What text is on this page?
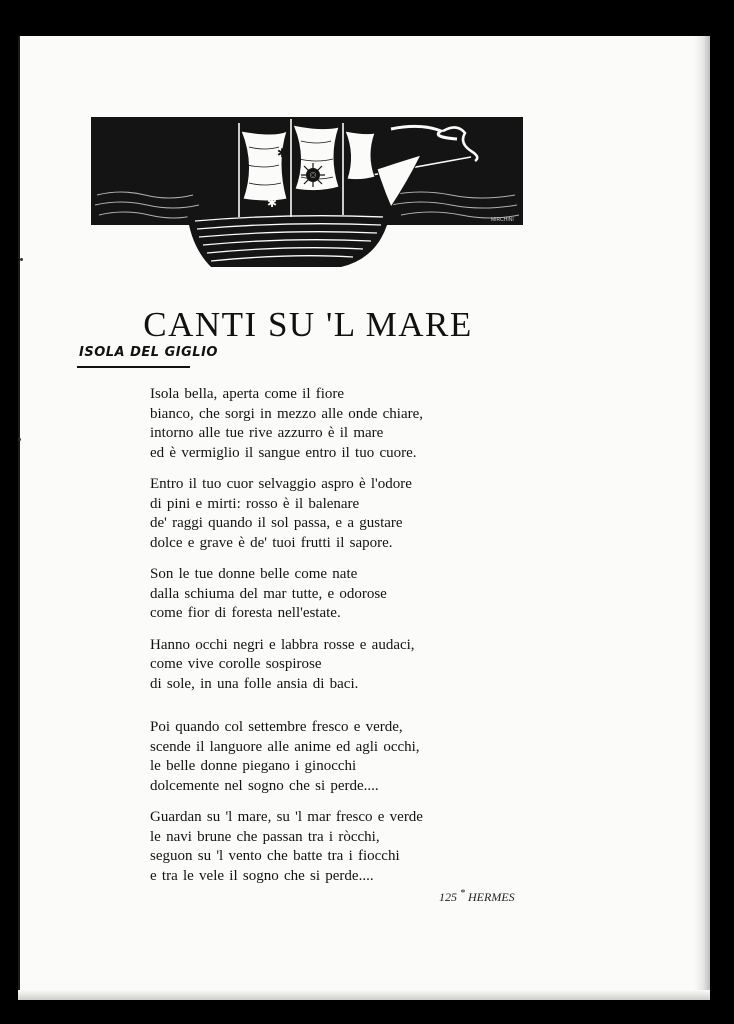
✱
✱
MIRCHINI
CANTI SU 'L MARE
ISOLA DEL GIGLIO
Isola bella, aperta come il fiore
bianco, che sorgi in mezzo alle onde chiare,
intorno alle tue rive azzurro è il mare
ed è vermiglio il sangue entro il tuo cuore.
Entro il tuo cuor selvaggio aspro è l'odore
di pini e mirti: rosso è il balenare
de' raggi quando il sol passa, e a gustare
dolce e grave è de' tuoi frutti il sapore.
Son le tue donne belle come nate
dalla schiuma del mar tutte, e odorose
come fior di foresta nell'estate.
Hanno occhi negri e labbra rosse e audaci,
come vive corolle sospirose
di sole, in una folle ansia di baci.
Poi quando col settembre fresco e verde,
scende il languore alle anime ed agli occhi,
le belle donne piegano i ginocchi
dolcemente nel sogno che si perde....
Guardan su 'l mare, su 'l mar fresco e verde
le navi brune che passan tra i ròcchi,
seguon su 'l vento che batte tra i fiocchi
e tra le vele il sogno che si perde....
125 * HERMES
